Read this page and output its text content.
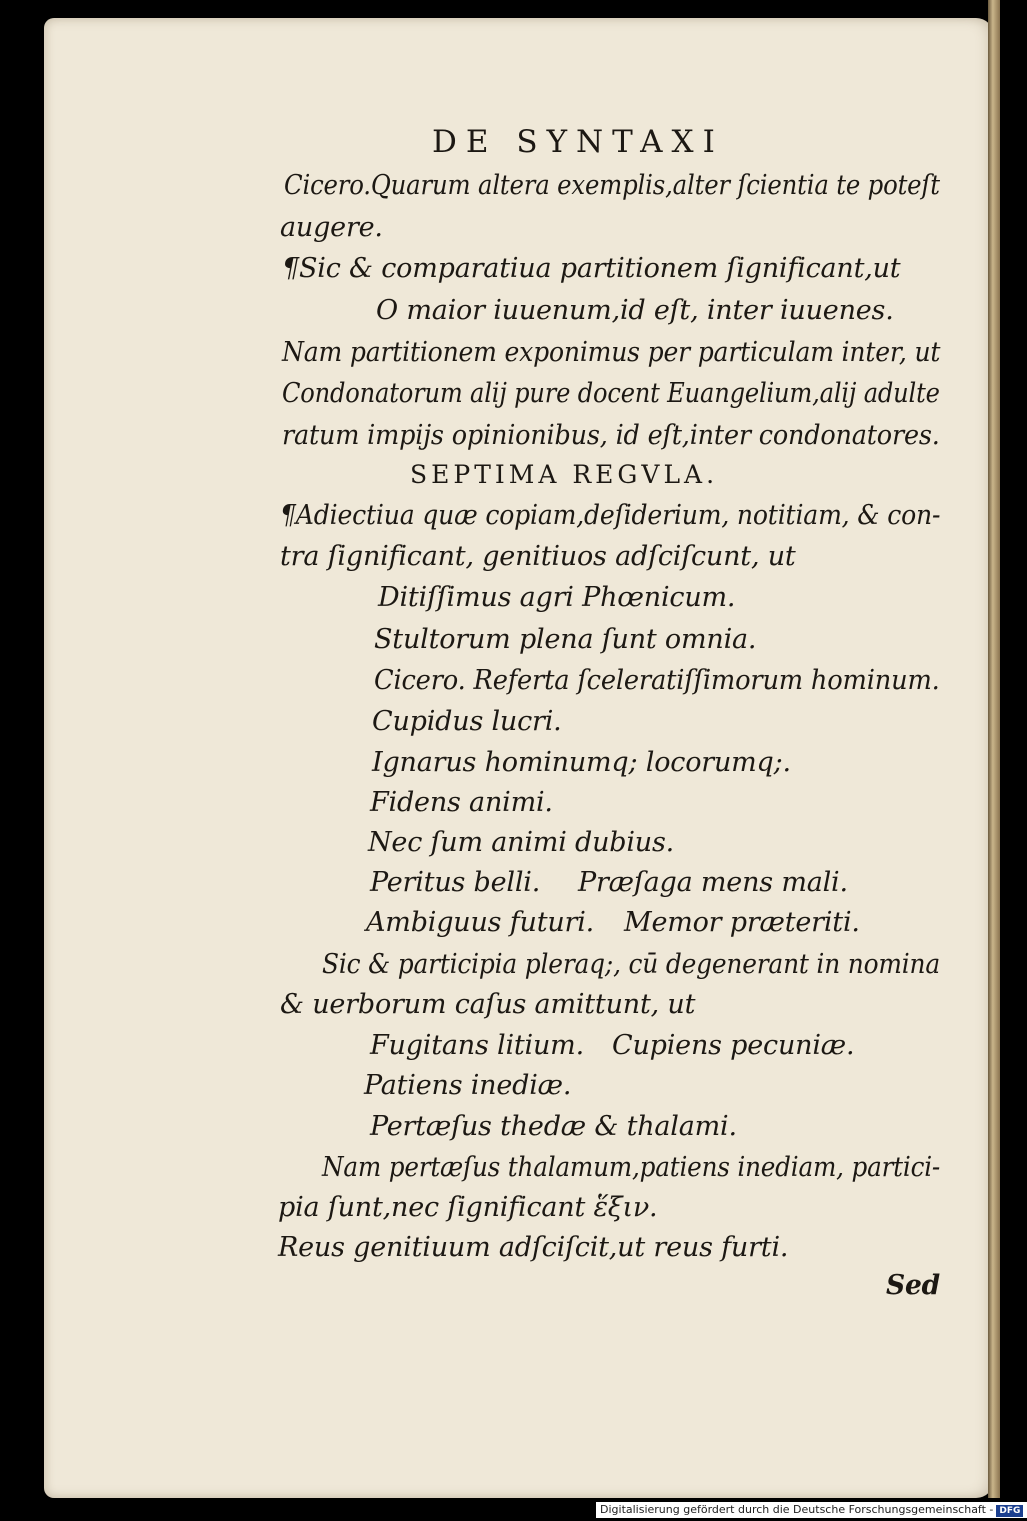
DE SYNTAXI
Cicero.Quarum altera exemplis,alter ſcientia te poteſt
augere.
¶Sic & comparatiua partitionem ſignificant,ut
O maior iuuenum,id eſt, inter iuuenes.
Nam partitionem exponimus per particulam inter, ut
Condonatorum alij pure docent Euangelium,alij adulte
ratum impijs opinionibus, id eſt,inter condonatores.
SEPTIMA REGVLA.
¶Adiectiua quæ copiam,deſiderium, notitiam, & con‐
tra ſignificant, genitiuos adſciſcunt, ut
Ditiſſimus agri Phœnicum.
Stultorum plena ſunt omnia.
Cicero. Referta ſceleratiſſimorum hominum.
Cupidus lucri.
Ignarus hominumq; locorumq;.
Fidens animi.
Nec ſum animi dubius.
Peritus belli. Præſaga mens mali.
Ambiguus futuri. Memor præteriti.
Sic & participia pleraq;, cū degenerant in nomina
& uerborum caſus amittunt, ut
Fugitans litium. Cupiens pecuniæ.
Patiens inediæ.
Pertæſus thedæ & thalami.
Nam pertæſus thalamum,patiens inediam, partici‐
pia ſunt,nec ſignificant ἕξιν.
Reus genitiuum adſciſcit,ut reus furti.
Sed
Digitalisierung gefördert durch die Deutsche Forschungsgemeinschaft - DFG
